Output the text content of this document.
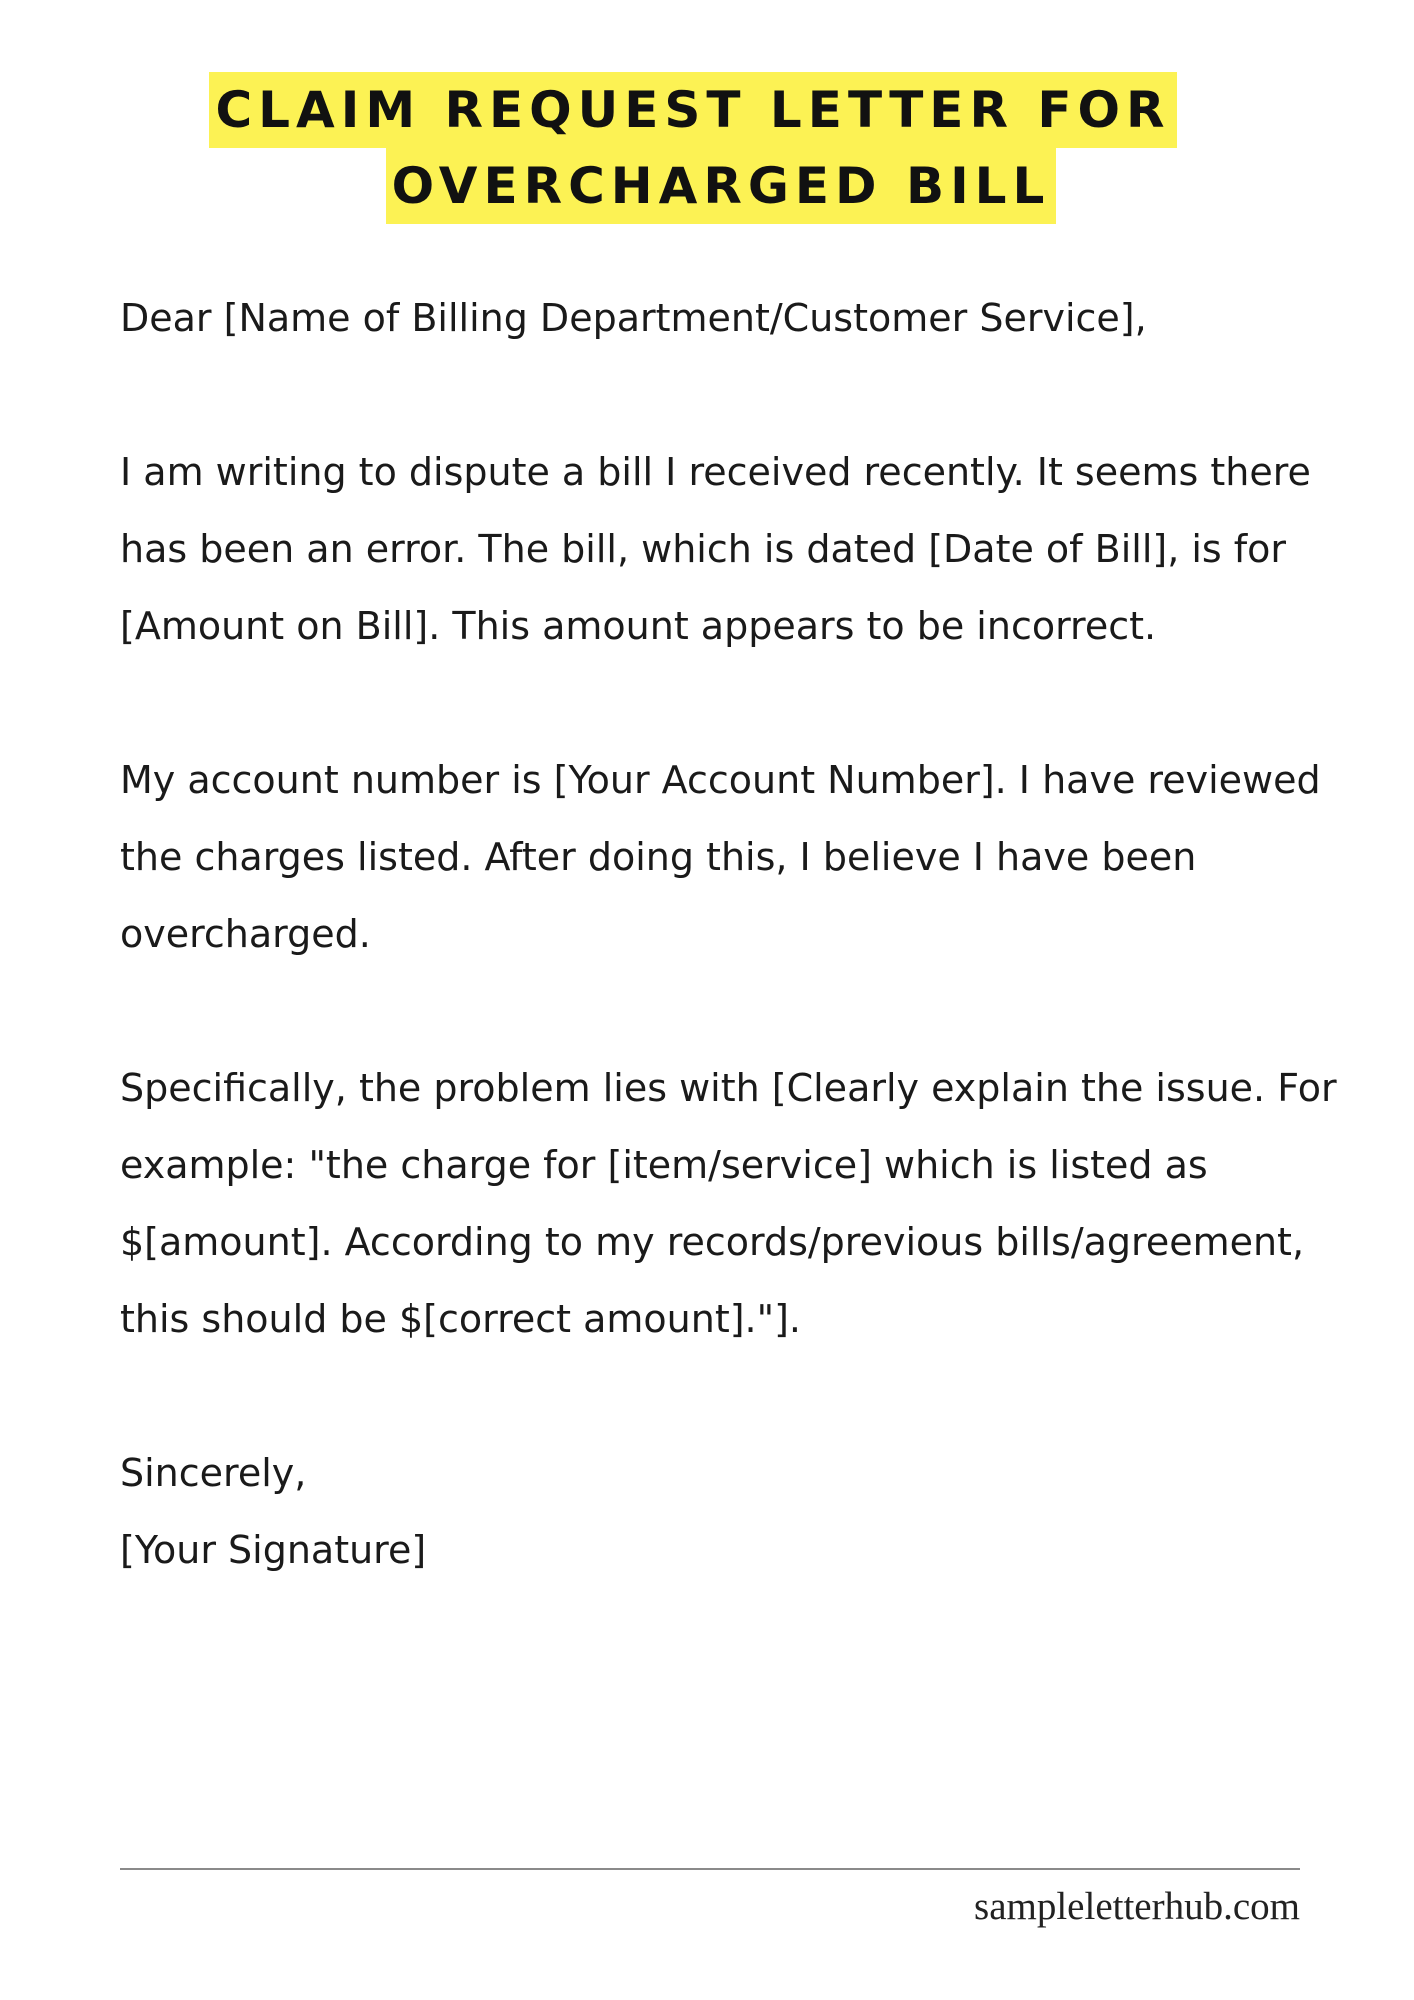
CLAIM REQUEST LETTER FOR
OVERCHARGED BILL

Dear [Name of Billing Department/Customer Service],

I am writing to dispute a bill I received recently. It seems there has been an error. The bill, which is dated [Date of Bill], is for [Amount on Bill]. This amount appears to be incorrect.

My account number is [Your Account Number]. I have reviewed the charges listed. After doing this, I believe I have been overcharged.

Specifically, the problem lies with [Clearly explain the issue. For example: "the charge for [item/service] which is listed as $[amount]. According to my records/previous bills/agreement, this should be $[correct amount]."].

Sincerely,

[Your Signature]

sampleletterhub.com
